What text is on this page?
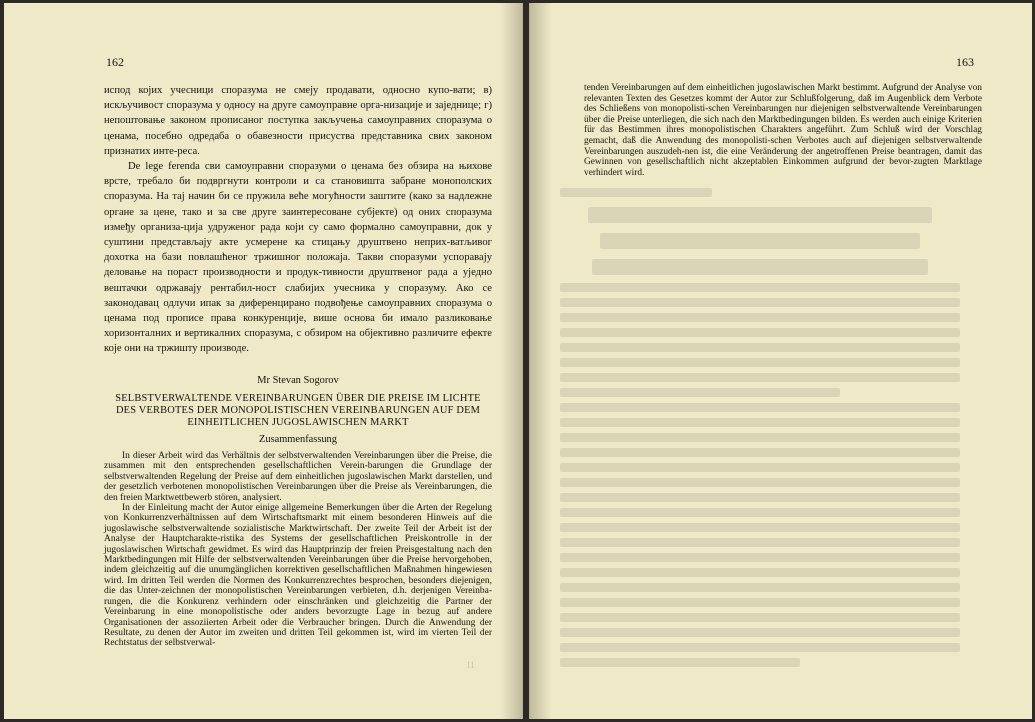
162

испод којих учесници споразума не смеју продавати, односно купо-вати; в) искључивост споразума у односу на друге самоуправне орга-низације и заједнице; г) непоштовање законом прописаног поступка закључења самоуправних споразума о ценама, посебно одредаба о обавезности присуства представника свих законом признатих инте-реса.

De lege ferenda сви самоуправни споразуми о ценама без обзира на њихове врсте, требало би подвргнути контроли и са становишта забране монополских споразума. На тај начин би се пружила веће могућности заштите (како за надлежне органе за цене, тако и за све друге заинтересоване субјекте) од оних споразума између организа-ција удруженог рада који су само формално самоуправни, док у суштини представљају акте усмерене ка стицању друштвено неприх-ватљивог дохотка на бази повлашћеног тржишног положаја. Такви споразуми успоравају деловање на пораст производности и продук-тивности друштвеног рада а уједно вештачки одржавају рентабил-ност слабијих учесника у споразуму. Ако се законодавац одлучи ипак за диференцирано подвођење самоуправних споразума о ценама под прописе права конкуренције, више основа би имало разликовање хоризонталних и вертикалних споразума, с обзиром на објективно различите ефекте које они на тржишту производе.

Mr Stevan Sogorov
SELBSTVERWALTENDE VEREINBARUNGEN ÜBER DIE PREISE IM LICHTE DES VERBOTES DER MONOPOLISTISCHEN VEREINBARUNGEN AUF DEM EINHEITLICHEN JUGOSLAWISCHEN MARKT
Zusammenfassung

In dieser Arbeit wird das Verhältnis der selbstverwaltenden Vereinbarungen über die Preise, die zusammen mit den entsprechenden gesellschaftlichen Verein-barungen die Grundlage der selbstverwaltenden Regelung der Preise auf dem einheitlichen jugoslawischen Markt darstellen, und der gesetzlich verbotenen monopolistischen Vereinbarungen über die Preise als Vereinbarungen, die den freien Marktwettbewerb stören, analysiert.

In der Einleitung macht der Autor einige allgemeine Bemerkungen über die Arten der Regelung von Konkurrenzverhältnissen auf dem Wirtschaftsmarkt mit einem besonderen Hinweis auf die jugoslawische selbstverwaltende sozialistische Marktwirtschaft. Der zweite Teil der Arbeit ist der Analyse der Hauptcharakte-ristika des Systems der gesellschaftlichen Preiskontrolle in der jugoslawischen Wirtschaft gewidmet. Es wird das Hauptprinzip der freien Preisgestaltung nach den Marktbedingungen mit Hilfe der selbstverwaltenden Vereinbarungen über die Preise hervorgehoben, indem gleichzeitig auf die unumgänglichen korrektiven gesellschaftlichen Maßnahmen hingewiesen wird. Im dritten Teil werden die Normen des Konkurrenzrechtes besprochen, besonders diejenigen, die das Unter-zeichnen der monopolistischen Vereinbarungen verbieten, d.h. derjenigen Vereinba-rungen, die die Konkurenz verhindern oder einschränken und gleichzeitig die Partner der Vereinbarung in eine monopolistische oder anders bevorzugte Lage in bezug auf andere Organisationen der assoziierten Arbeit oder die Verbraucher bringen. Durch die Anwendung der Resultate, zu denen der Autor im zweiten und dritten Teil gekommen ist, wird im vierten Teil der Rechtstatus der selbstverwal-

11
163

tenden Vereinbarungen auf dem einheitlichen jugoslawischen Markt bestimmt. Aufgrund der Analyse von relevanten Texten des Gesetzes kommt der Autor zur Schlußfolgerung, daß im Augenblick dem Verbote des Schließens von monopolisti-schen Vereinbarungen nur diejenigen selbstverwaltende Vereinbarungen über die Preise unterliegen, die sich nach den Marktbedingungen bilden. Es werden auch einige Kriterien für das Bestimmen ihres monopolistischen Charakters angeführt. Zum Schluß wird der Vorschlag gemacht, daß die Anwendung des monopolisti-schen Verbotes auch auf diejenigen selbstverwaltende Vereinbarungen auszudeh-nen ist, die eine Veränderung der angetroffenen Preise beantragen, damit das Gewinnen von gesellschaftlich nicht akzeptablen Einkommen aufgrund der bevor-zugten Marktlage verhindert wird.
